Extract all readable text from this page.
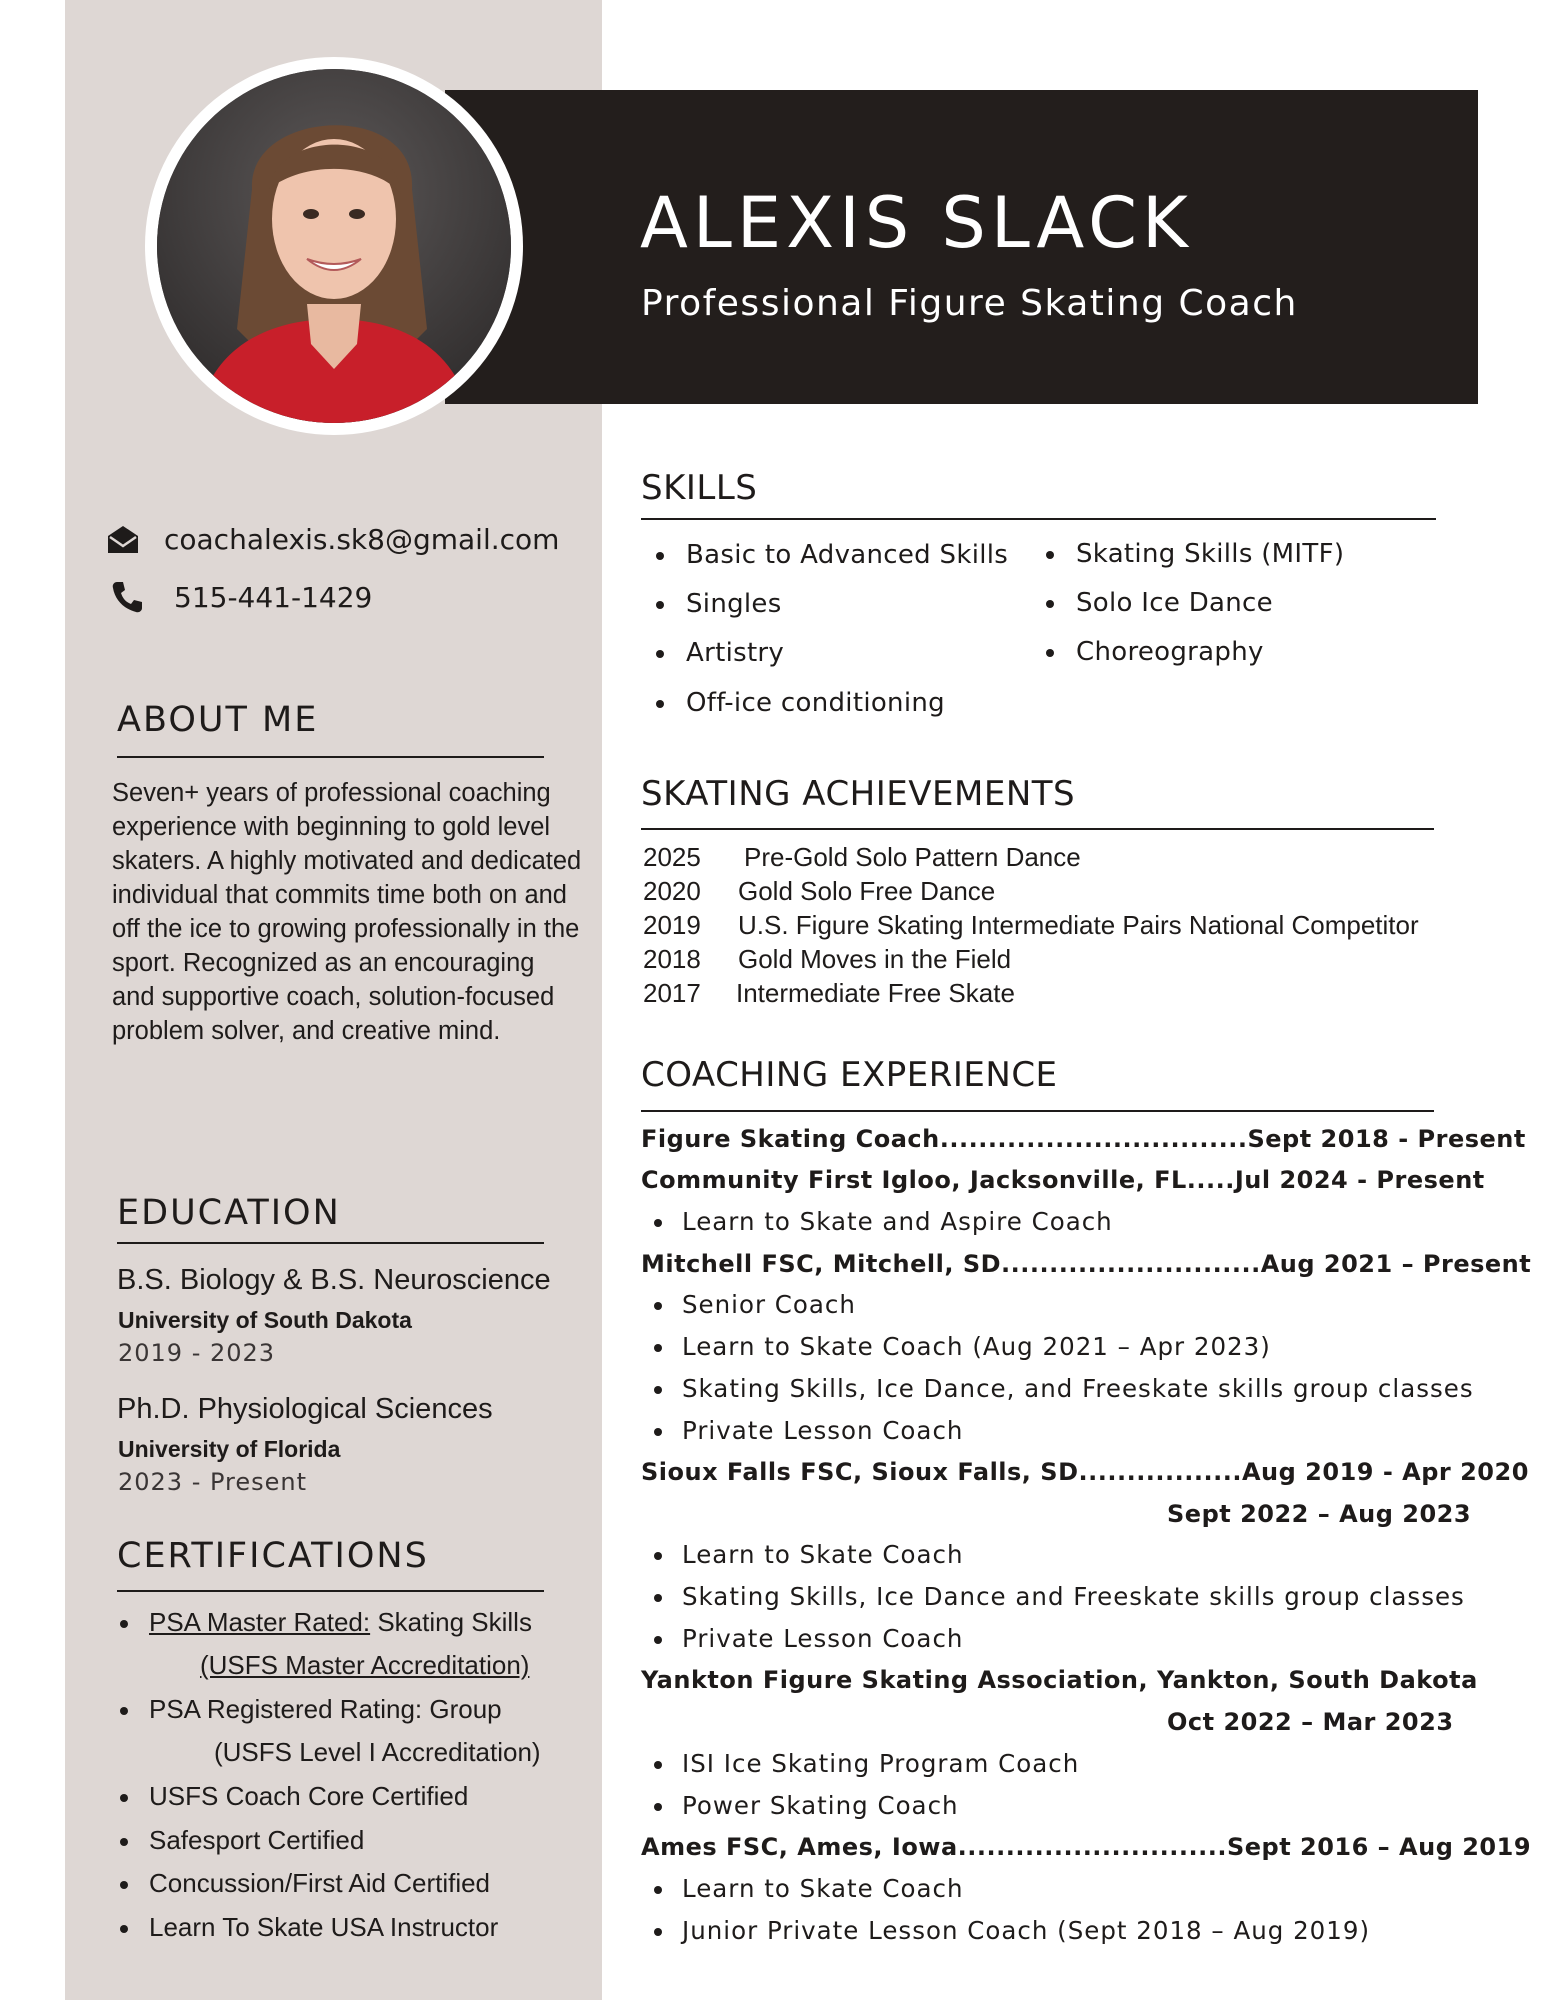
ALEXIS SLACK
Professional Figure Skating Coach
coachalexis.sk8@gmail.com
515-441-1429
ABOUT ME
Seven+ years of professional coaching experience with beginning to gold level skaters. A highly motivated and dedicated individual that commits time both on and off the ice to growing professionally in the sport. Recognized as an encouraging and supportive coach, solution-focused problem solver, and creative mind.
EDUCATION
B.S. Biology & B.S. Neuroscience
University of South Dakota
2019 - 2023
Ph.D. Physiological Sciences
University of Florida
2023 - Present
CERTIFICATIONS
PSA Master Rated: Skating Skills
(USFS Master Accreditation)
PSA Registered Rating: Group
(USFS Level I Accreditation)
USFS Coach Core Certified
Safesport Certified
Concussion/First Aid Certified
Learn To Skate USA Instructor
SKILLS
Basic to Advanced Skills
Singles
Artistry
Off-ice conditioning
Skating Skills (MITF)
Solo Ice Dance
Choreography
SKATING ACHIEVEMENTS
2025 Pre-Gold Solo Pattern Dance
2020 Gold Solo Free Dance
2019 U.S. Figure Skating Intermediate Pairs National Competitor
2018 Gold Moves in the Field
2017 Intermediate Free Skate
COACHING EXPERIENCE
Figure Skating Coach................................Sept 2018 - Present
Community First Igloo, Jacksonville, FL.....Jul 2024 - Present
Learn to Skate and Aspire Coach
Mitchell FSC, Mitchell, SD...........................Aug 2021 – Present
Senior Coach
Learn to Skate Coach (Aug 2021 – Apr 2023)
Skating Skills, Ice Dance, and Freeskate skills group classes
Private Lesson Coach
Sioux Falls FSC, Sioux Falls, SD.................Aug 2019 - Apr 2020
Sept 2022 – Aug 2023
Learn to Skate Coach
Skating Skills, Ice Dance and Freeskate skills group classes
Private Lesson Coach
Yankton Figure Skating Association, Yankton, South Dakota
Oct 2022 – Mar 2023
ISI Ice Skating Program Coach
Power Skating Coach
Ames FSC, Ames, Iowa............................Sept 2016 – Aug 2019
Learn to Skate Coach
Junior Private Lesson Coach (Sept 2018 – Aug 2019)
